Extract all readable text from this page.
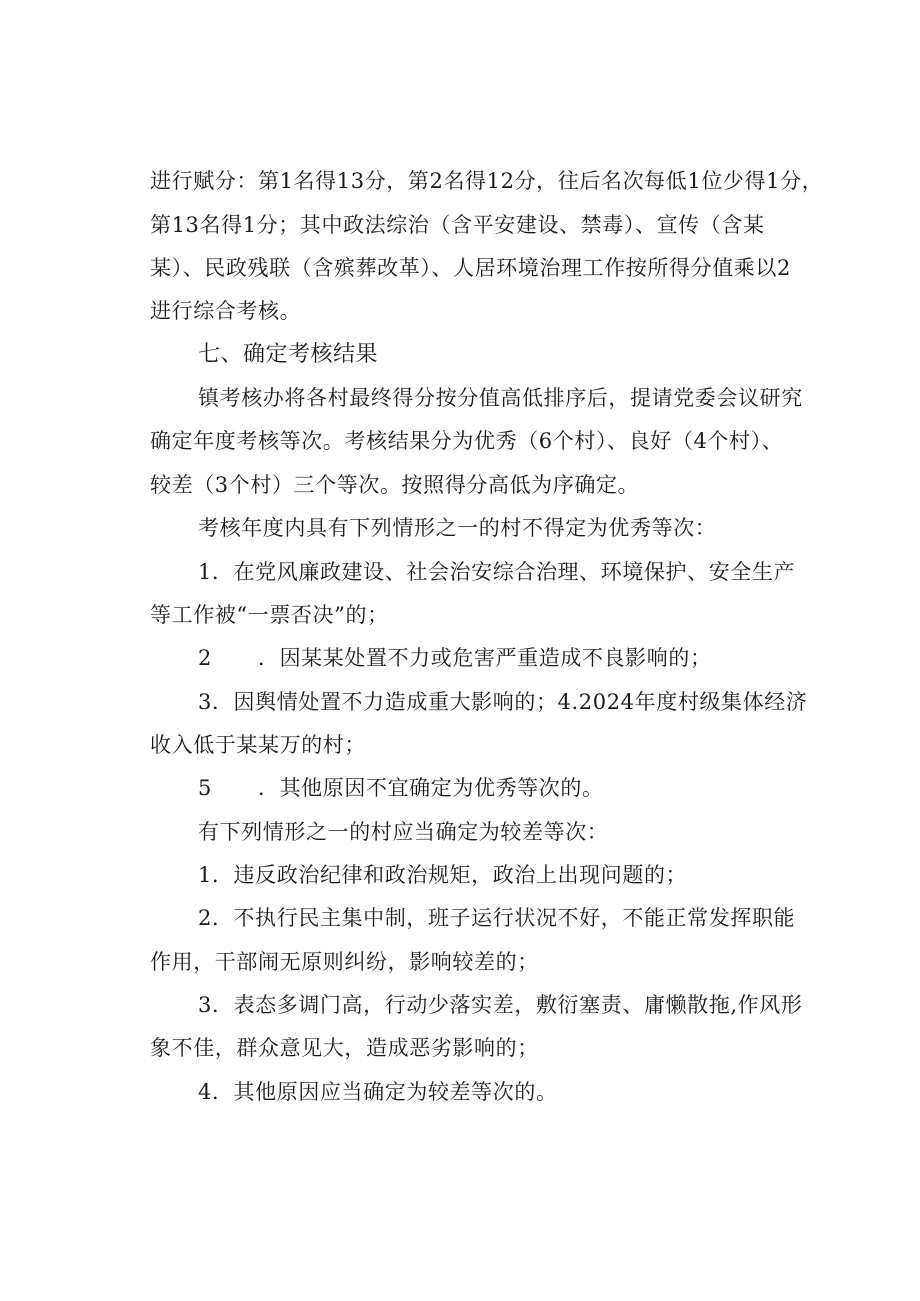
进行赋分：第1名得13分，第2名得12分，往后名次每低1位少得1分，
第13名得1分；其中政法综治（含平安建设、禁毒）、宣传（含某
某）、民政残联（含殡葬改革）、人居环境治理工作按所得分值乘以2
进行综合考核。
七、确定考核结果
镇考核办将各村最终得分按分值高低排序后，提请党委会议研究
确定年度考核等次。考核结果分为优秀（6个村）、良好（4个村）、
较差（3个村）三个等次。按照得分高低为序确定。
考核年度内具有下列情形之一的村不得定为优秀等次：
1．在党风廉政建设、社会治安综合治理、环境保护、安全生产
等工作被“一票否决”的；
2 ．因某某处置不力或危害严重造成不良影响的；
3．因舆情处置不力造成重大影响的；4.2024年度村级集体经济
收入低于某某万的村；
5 ．其他原因不宜确定为优秀等次的。
有下列情形之一的村应当确定为较差等次：
1．违反政治纪律和政治规矩，政治上出现问题的；
2．不执行民主集中制，班子运行状况不好，不能正常发挥职能
作用，干部闹无原则纠纷，影响较差的；
3．表态多调门高，行动少落实差，敷衍塞责、庸懒散拖,作风形
象不佳，群众意见大，造成恶劣影响的；
4．其他原因应当确定为较差等次的。
